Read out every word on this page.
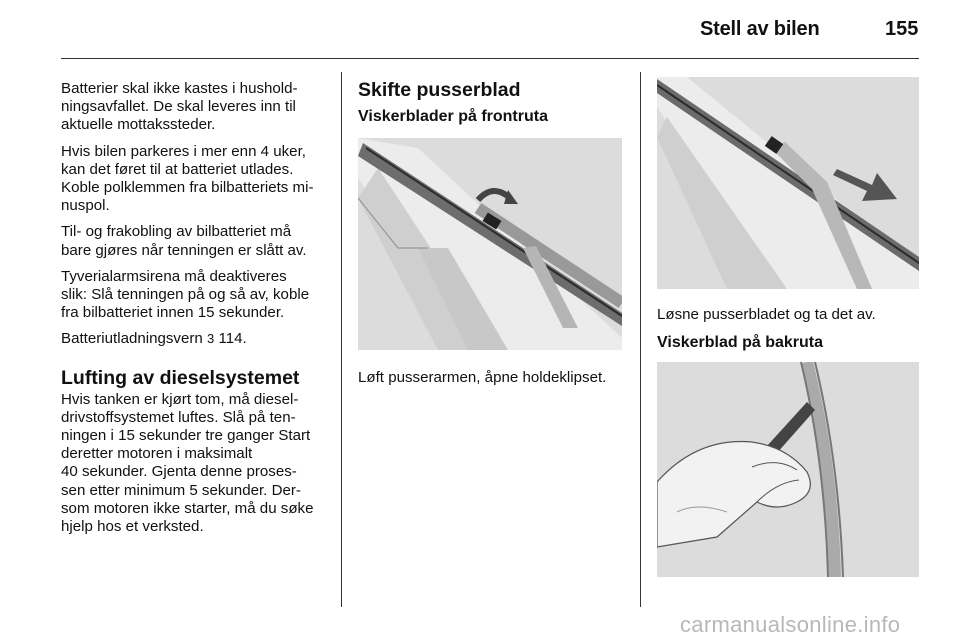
Stell av bilen	155

Batterier skal ikke kastes i hushold-
ningsavfallet. De skal leveres inn til
aktuelle mottakssteder.

Hvis bilen parkeres i mer enn 4 uker,
kan det føret til at batteriet utlades.
Koble polklemmen fra bilbatteriets mi-
nuspol.

Til- og frakobling av bilbatteriet må
bare gjøres når tenningen er slått av.

Tyverialarmsirena må deaktiveres
slik: Slå tenningen på og så av, koble
fra bilbatteriet innen 15 sekunder.

Batteriutladningsvern 3 114.

Lufting av dieselsystemet

Hvis tanken er kjørt tom, må diesel-
drivstoffsystemet luftes. Slå på ten-
ningen i 15 sekunder tre ganger Start
deretter motoren i maksimalt
40 sekunder. Gjenta denne proses-
sen etter minimum 5 sekunder. Der-
som motoren ikke starter, må du søke
hjelp hos et verksted.

Skifte pusserblad
Viskerblader på frontruta
Løft pusserarmen, åpne holdeklipset.
Løsne pusserbladet og ta det av.
Viskerblad på bakruta
carmanualsonline.info
